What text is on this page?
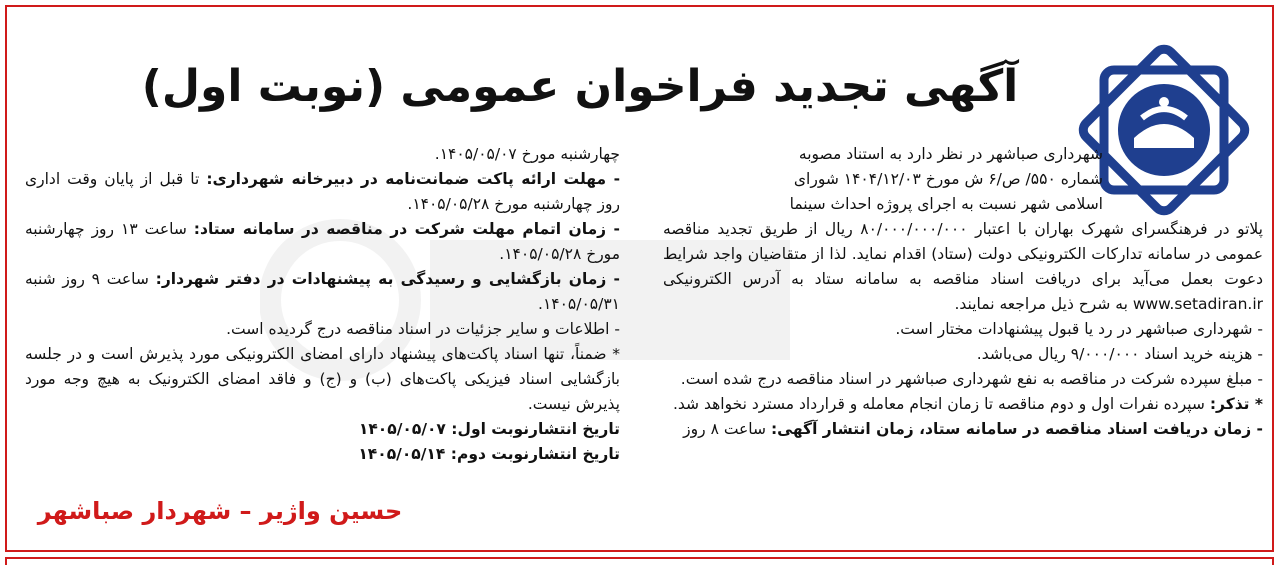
آگهی تجدید فراخوان عمومی (نوبت اول)

شهرداری صباشهر در نظر دارد به استناد مصوبه

شماره ۵۵۰/ ص/۶ ش مورخ ۱۴۰۴/۱۲/۰۳ شورای

اسلامی شهر نسبت به اجرای پروژه احداث سینما

پلاتو در فرهنگسرای شهرک بهاران با اعتبار ۸۰/۰۰۰/۰۰۰/۰۰۰ ریال از طریق تجدید مناقصه عمومی در سامانه تدارکات الکترونیکی دولت (ستاد) اقدام نماید. لذا از متقاضیان واجد شرایط دعوت بعمل می‌آید برای دریافت اسناد مناقصه به سامانه ستاد به آدرس الکترونیکی www.setadiran.ir به شرح ذیل مراجعه نمایند.

- شهرداری صباشهر در رد یا قبول پیشنهادات مختار است.

- هزینه خرید اسناد ۹/۰۰۰/۰۰۰ ریال می‌باشد.

- مبلغ سپرده شرکت در مناقصه به نفع شهرداری صباشهر در اسناد مناقصه درج شده است.

* تذکر: سپرده نفرات اول و دوم مناقصه تا زمان انجام معامله و قرارداد مسترد نخواهد شد.

- زمان دریافت اسناد مناقصه در سامانه ستاد، زمان انتشار آگهی: ساعت ۸ روز

چهارشنبه مورخ ۱۴۰۵/۰۵/۰۷.

- مهلت ارائه پاکت ضمانت‌نامه در دبیرخانه شهرداری: تا قبل از پایان وقت اداری روز چهارشنبه مورخ ۱۴۰۵/۰۵/۲۸.

- زمان اتمام مهلت شرکت در مناقصه در سامانه ستاد: ساعت ۱۳ روز چهارشنبه مورخ ۱۴۰۵/۰۵/۲۸.

- زمان بازگشایی و رسیدگی به پیشنهادات در دفتر شهردار: ساعت ۹ روز شنبه ۱۴۰۵/۰۵/۳۱.

- اطلاعات و سایر جزئیات در اسناد مناقصه درج گردیده است.

* ضمناً، تنها اسناد پاکت‌های پیشنهاد دارای امضای الکترونیکی مورد پذیرش است و در جلسه بازگشایی اسناد فیزیکی پاکت‌های (ب) و (ج) و فاقد امضای الکترونیک به هیچ وجه مورد پذیرش نیست.

تاریخ انتشارنوبت اول: ۱۴۰۵/۰۵/۰۷

تاریخ انتشارنوبت دوم: ۱۴۰۵/۰۵/۱۴

حسین واژیر – شهردار صباشهر
